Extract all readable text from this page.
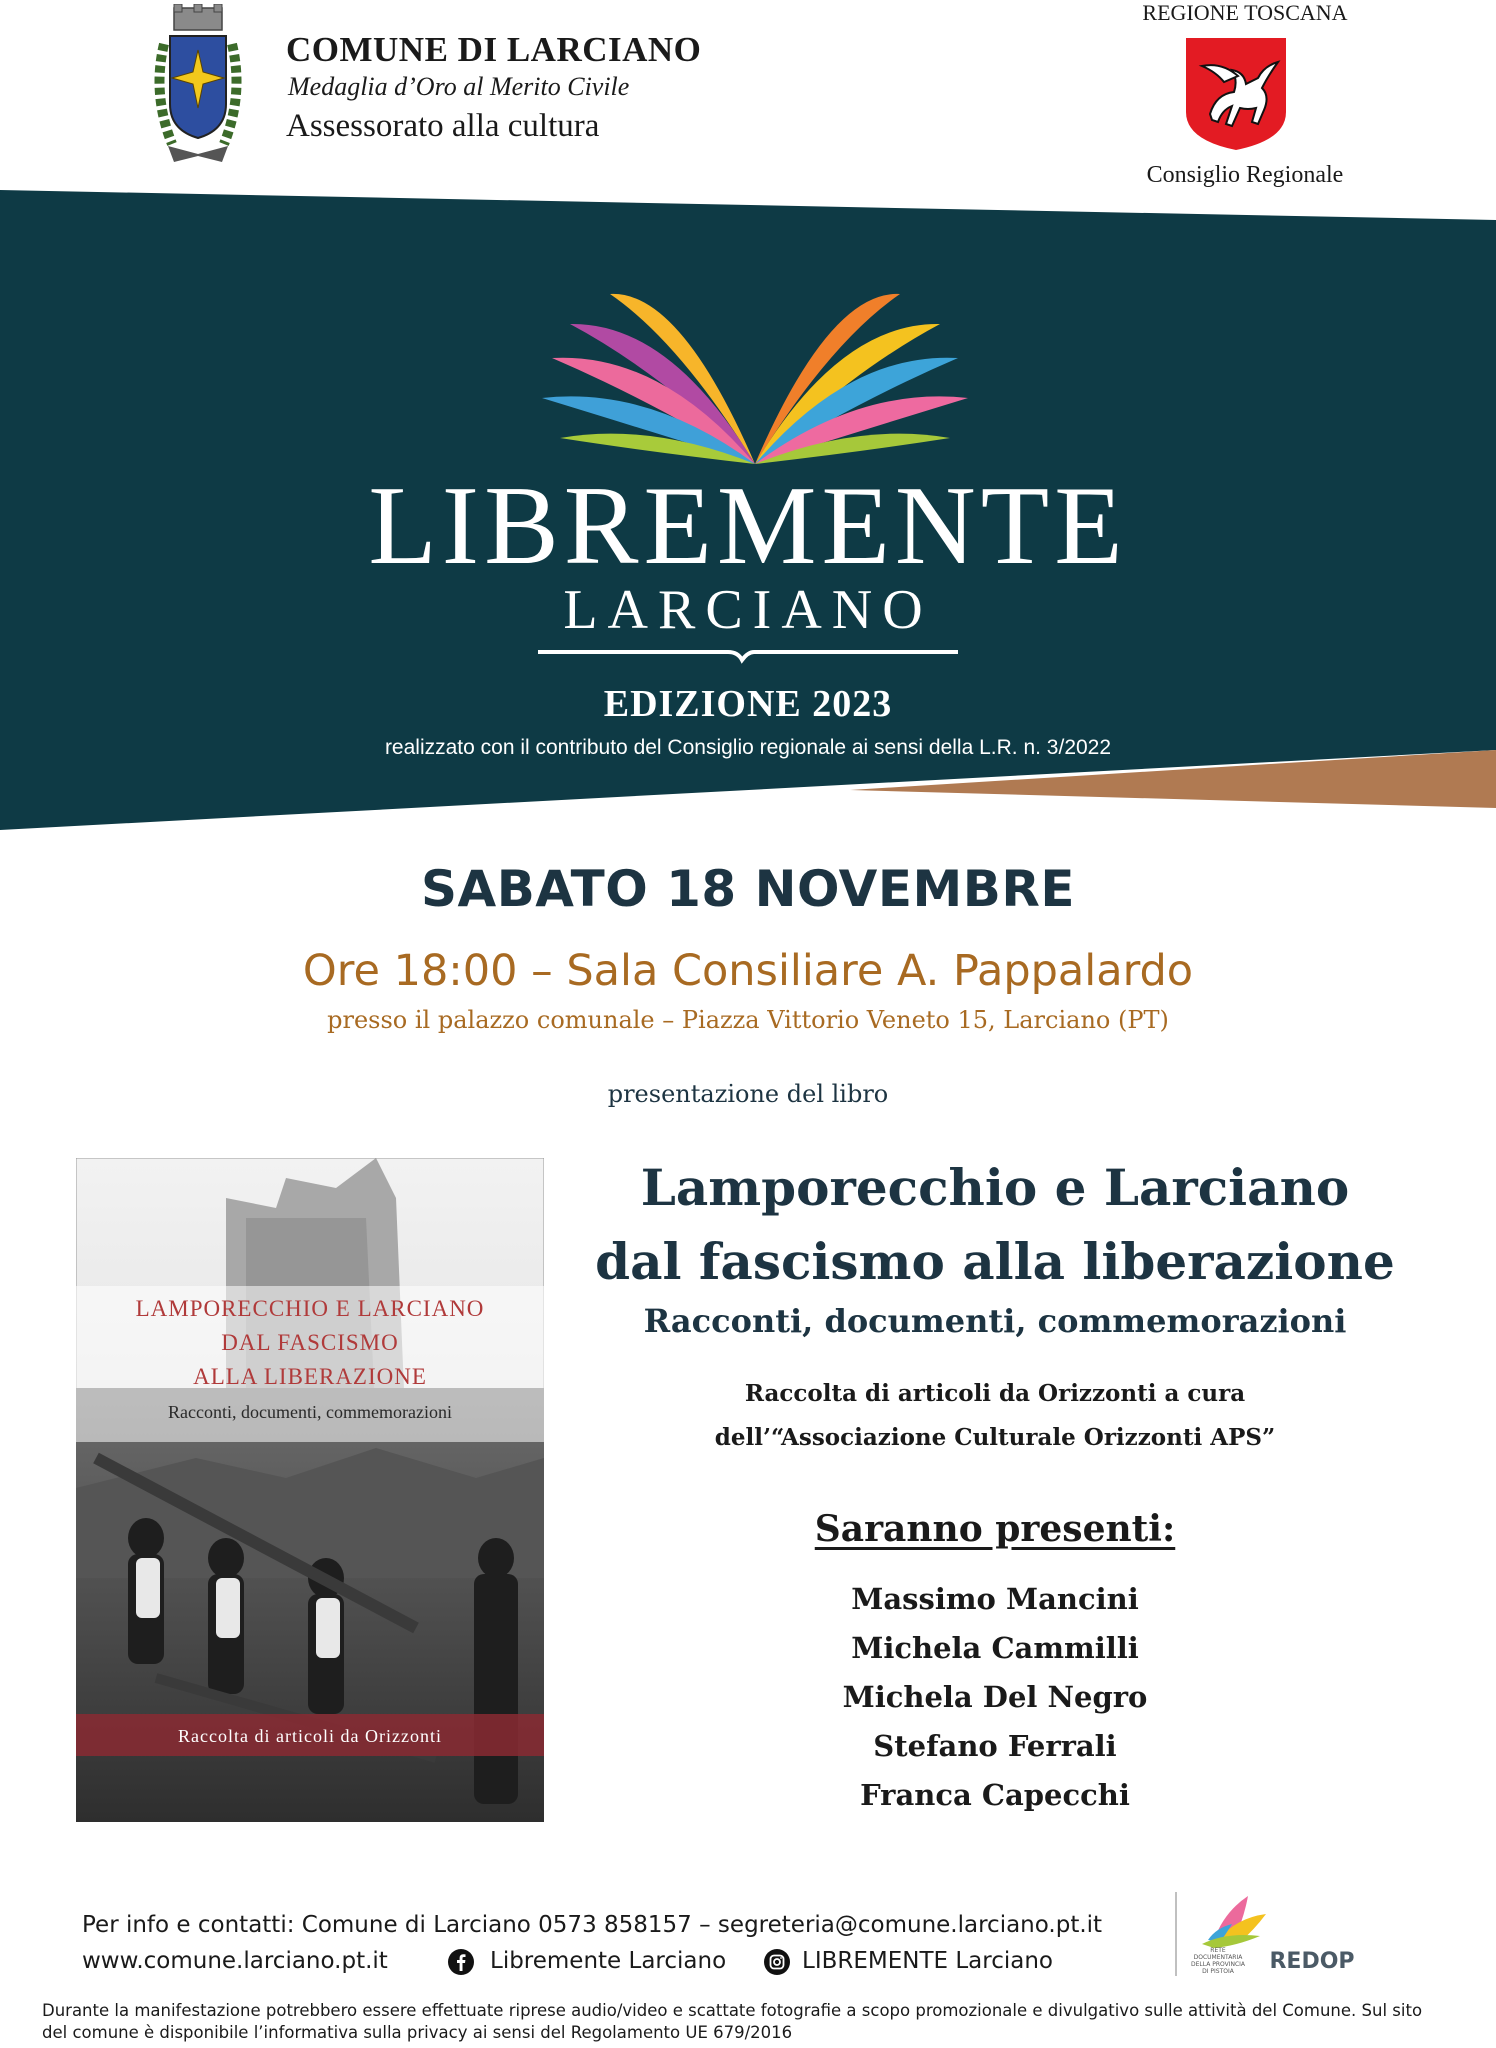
COMUNE DI LARCIANO
Medaglia d’Oro al Merito Civile
Assessorato alla cultura
REGIONE TOSCANA
Consiglio Regionale
LIBREMENTE
LARCIANO
EDIZIONE 2023
realizzato con il contributo del Consiglio regionale ai sensi della L.R. n. 3/2022
SABATO 18 NOVEMBRE
Ore 18:00 – Sala Consiliare A. Pappalardo
presso il palazzo comunale – Piazza Vittorio Veneto 15, Larciano (PT)
presentazione del libro
LAMPORECCHIO E LARCIANO
DAL FASCISMO
ALLA LIBERAZIONE
Racconti, documenti, commemorazioni
Raccolta di articoli da Orizzonti
Lamporecchio e Larciano
dal fascismo alla liberazione
Racconti, documenti, commemorazioni
Raccolta di articoli da Orizzonti a cura
dell’“Associazione Culturale Orizzonti APS”
Saranno presenti:
Massimo Mancini
Michela Cammilli
Michela Del Negro
Stefano Ferrali
Franca Capecchi
Per info e contatti: Comune di Larciano 0573 858157 – segreteria@comune.larciano.pt.it
www.comune.larciano.pt.it	Libremente Larciano	LIBREMENTE Larciano	RETE
DOCUMENTARIA
DELLA PROVINCIA
DI PISTOIA REDOP
Durante la manifestazione potrebbero essere effettuate riprese audio/video e scattate fotografie a scopo promozionale e divulgativo sulle attività del Comune. Sul sito del comune è disponibile l’informativa sulla privacy ai sensi del Regolamento UE 679/2016
